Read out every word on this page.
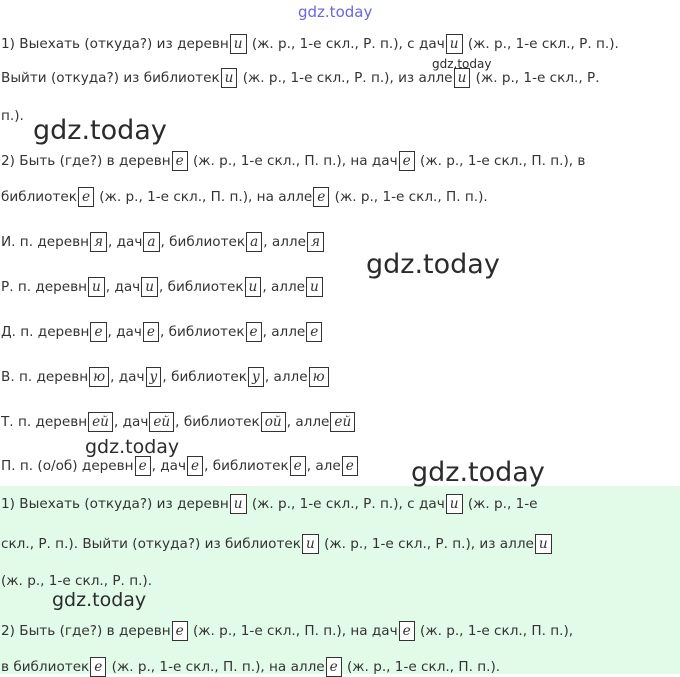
1) Выехать (откуда?) из деревн и (ж. р., 1-е скл., Р. п.), с дач и (ж. р., 1-е скл., Р. п.).
Выйти (откуда?) из библиотек и (ж. р., 1-е скл., Р. п.), из алле и (ж. р., 1-е скл., Р.
п.).
2) Быть (где?) в деревн е (ж. р., 1-е скл., П. п.), на дач е (ж. р., 1-е скл., П. п.), в
библиотек е (ж. р., 1-е скл., П. п.), на алле е (ж. р., 1-е скл., П. п.).
И. п. деревн я , дач а , библиотек а , алле я
Р. п. деревн и , дач и , библиотек и , алле и
Д. п. деревн е , дач е , библиотек е , алле е
В. п. деревн ю , дач у , библиотек у , алле ю
Т. п. деревн ей , дач ей , библиотек ой , алле ей
П. п. (о/об) деревн е , дач е , библиотек е , але е
1) Выехать (откуда?) из деревн и (ж. р., 1-е скл., Р. п.), с дач и (ж. р., 1-е
скл., Р. п.). Выйти (откуда?) из библиотек и (ж. р., 1-е скл., Р. п.), из алле и
(ж. р., 1-е скл., Р. п.).
2) Быть (где?) в деревн е (ж. р., 1-е скл., П. п.), на дач е (ж. р., 1-е скл., П. п.),
в библиотек е (ж. р., 1-е скл., П. п.), на алле е (ж. р., 1-е скл., П. п.).
gdz.today
gdz.today
gdz.today
gdz.today
gdz.today
gdz.today
gdz.today
